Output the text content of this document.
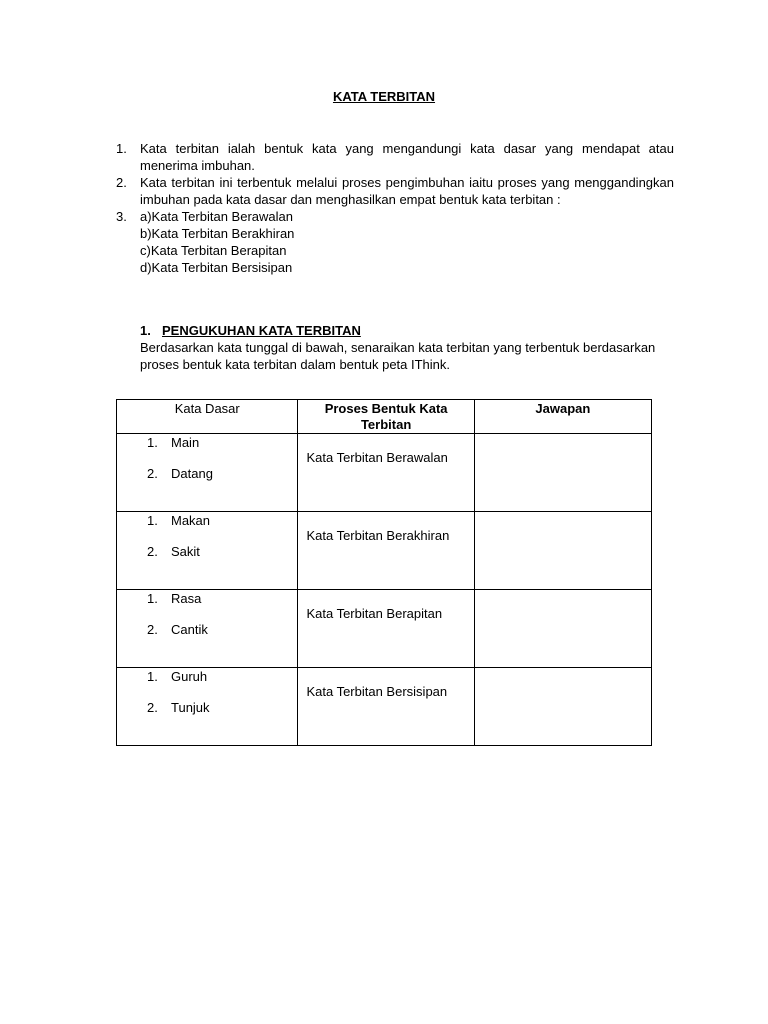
KATA TERBITAN
1.	Kata terbitan ialah bentuk kata yang mengandungi kata dasar yang mendapat atau menerima imbuhan.
2.	Kata terbitan ini terbentuk melalui proses pengimbuhan iaitu proses yang menggandingkan imbuhan pada kata dasar dan menghasilkan empat bentuk kata terbitan :
3.	a)Kata Terbitan Berawalan
b)Kata Terbitan Berakhiran
c)Kata Terbitan Berapitan
d)Kata Terbitan Bersisipan
1. PENGUKUHAN KATA TERBITAN
Berdasarkan kata tunggal di bawah, senaraikan kata terbitan yang terbentuk berdasarkan proses bentuk kata terbitan dalam bentuk peta IThink.
Kata Dasar	Proses Bentuk Kata Terbitan	Jawapan

1. Main
2. Datang	Kata Terbitan Berawalan	

1. Makan
2. Sakit	Kata Terbitan Berakhiran	

1. Rasa
2. Cantik	Kata Terbitan Berapitan	

1. Guruh
2. Tunjuk	Kata Terbitan Bersisipan	
